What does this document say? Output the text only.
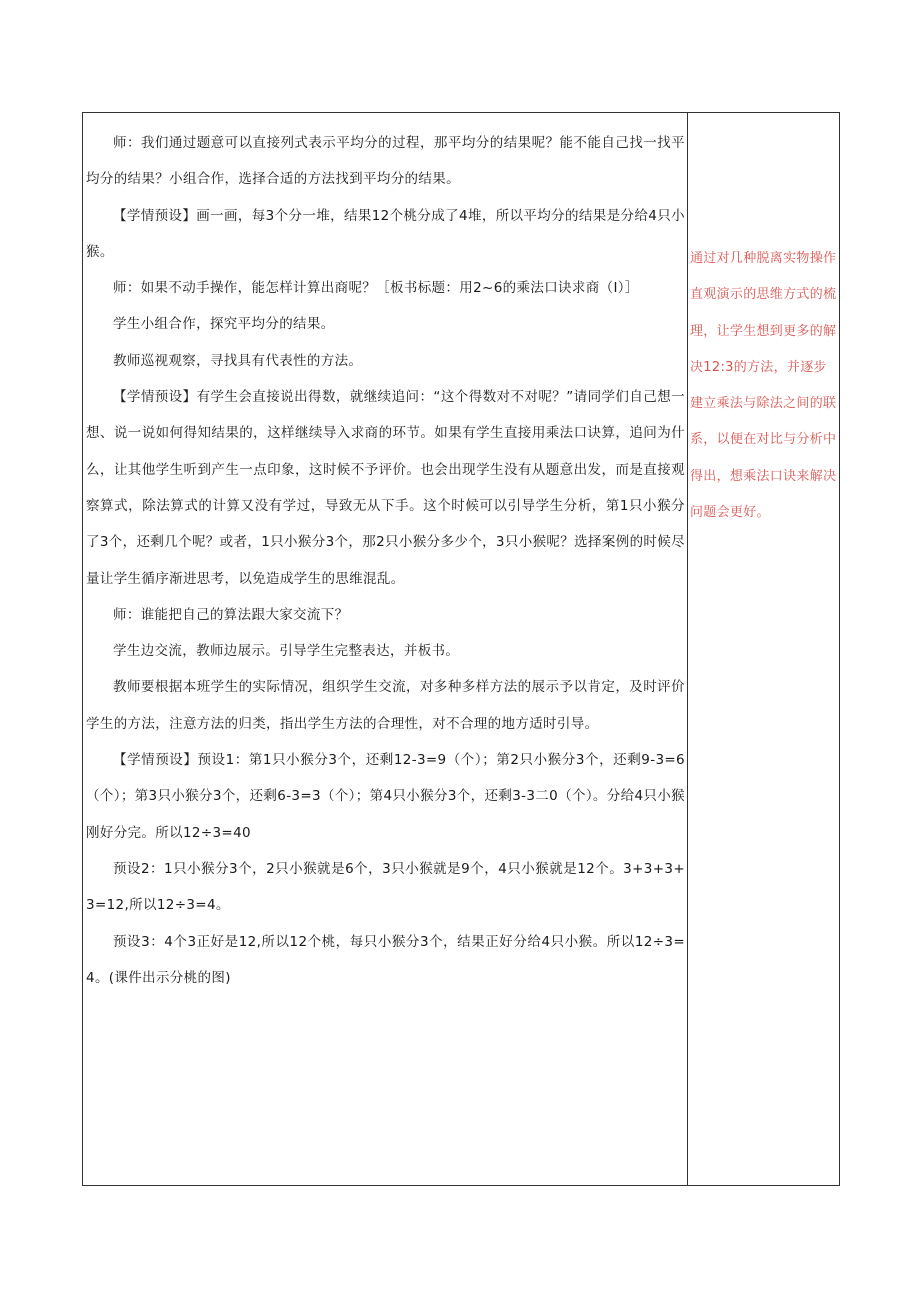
师：我们通过题意可以直接列式表示平均分的过程，那平均分的结果呢？能不能自己找一找平均分的结果？小组合作，选择合适的方法找到平均分的结果。

【学情预设】画一画，每3个分一堆，结果12个桃分成了4堆，所以平均分的结果是分给4只小猴。

师：如果不动手操作，能怎样计算出商呢？［板书标题：用2~6的乘法口诀求商（I）］

学生小组合作，探究平均分的结果。

教师巡视观察，寻找具有代表性的方法。

【学情预设】有学生会直接说出得数，就继续追问：“这个得数对不对呢？”请同学们自己想一想、说一说如何得知结果的，这样继续导入求商的环节。如果有学生直接用乘法口诀算，追问为什么，让其他学生听到产生一点印象，这时候不予评价。也会出现学生没有从题意出发，而是直接观察算式，除法算式的计算又没有学过，导致无从下手。这个时候可以引导学生分析，第1只小猴分了3个，还剩几个呢？或者，1只小猴分3个，那2只小猴分多少个，3只小猴呢？选择案例的时候尽量让学生循序渐进思考，以免造成学生的思维混乱。

师：谁能把自己的算法跟大家交流下？

学生边交流，教师边展示。引导学生完整表达，并板书。

教师要根据本班学生的实际情况，组织学生交流，对多种多样方法的展示予以肯定，及时评价学生的方法，注意方法的归类，指出学生方法的合理性，对不合理的地方适时引导。

【学情预设】预设1：第1只小猴分3个，还剩12-3=9（个）；第2只小猴分3个，还剩9-3=6（个）；第3只小猴分3个，还剩6-3=3（个）；第4只小猴分3个，还剩3-3二0（个）。分给4只小猴刚好分完。所以12÷3=40

预设2：1只小猴分3个，2只小猴就是6个，3只小猴就是9个，4只小猴就是12个。3+3+3+3=12,所以12÷3=4。

预设3：4个3正好是12,所以12个桃，每只小猴分3个，结果正好分给4只小猴。所以12÷3=4。(课件出示分桃的图)

通过对几种脱离实物操作直观演示的思维方式的梳理，让学生想到更多的解决12:3的方法，并逐步建立乘法与除法之间的联系，以便在对比与分析中得出，想乘法口诀来解决问题会更好。
